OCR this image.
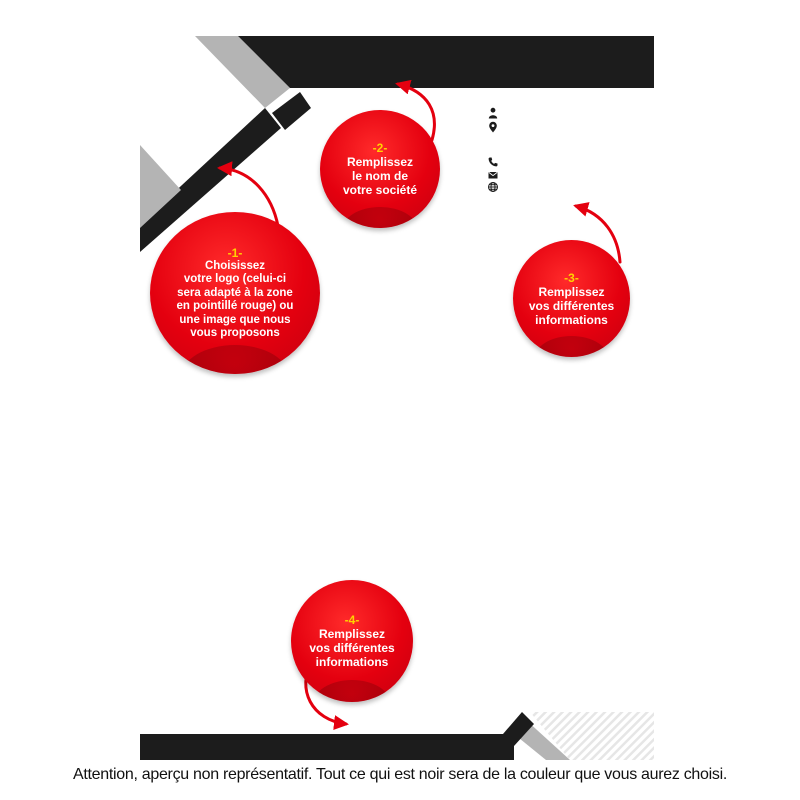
-1-
Choisissez
votre logo (celui-ci
sera adapté à la zone
en pointillé rouge) ou
une image que nous
vous proposons
-2-
Remplissez
le nom de
votre société
-3-
Remplissez
vos différentes
informations
-4-
Remplissez
vos différentes
informations
Attention, aperçu non représentatif. Tout ce qui est noir sera de la couleur que vous aurez choisi.
